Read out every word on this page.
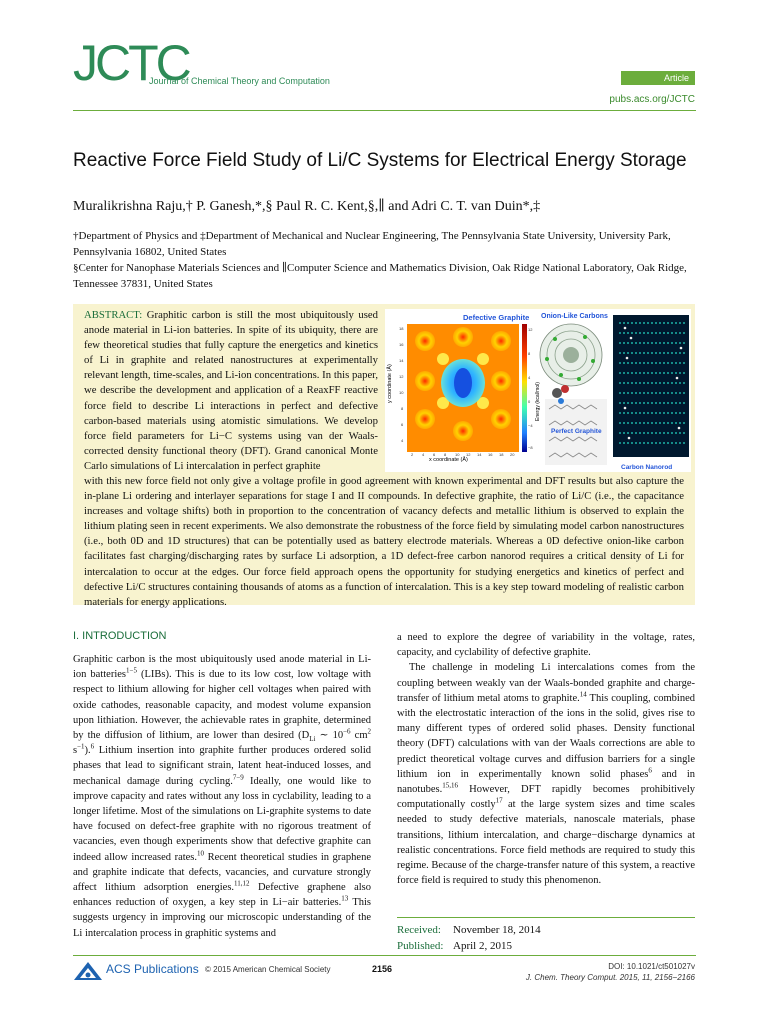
JCTC
Journal of Chemical Theory and Computation	Article
pubs.acs.org/JCTC
Reactive Force Field Study of Li/C Systems for Electrical Energy Storage
Muralikrishna Raju,† P. Ganesh,*,§ Paul R. C. Kent,§,∥ and Adri C. T. van Duin*,‡
†Department of Physics and ‡Department of Mechanical and Nuclear Engineering, The Pennsylvania State University, University Park, Pennsylvania 16802, United States
§Center for Nanophase Materials Sciences and ∥Computer Science and Mathematics Division, Oak Ridge National Laboratory, Oak Ridge, Tennessee 37831, United States
ABSTRACT: Graphitic carbon is still the most ubiquitously used anode material in Li-ion batteries. In spite of its ubiquity, there are few theoretical studies that fully capture the energetics and kinetics of Li in graphite and related nanostructures at experimentally relevant length, time-scales, and Li-ion concentrations. In this paper, we describe the development and application of a ReaxFF reactive force field to describe Li interactions in perfect and defective carbon-based materials using atomistic simulations. We develop force field parameters for Li−C systems using van der Waals-corrected density functional theory (DFT). Grand canonical Monte Carlo simulations of Li intercalation in perfect graphite
with this new force field not only give a voltage profile in good agreement with known experimental and DFT results but also capture the in-plane Li ordering and interlayer separations for stage I and II compounds. In defective graphite, the ratio of Li/C (i.e., the capacitance increases and voltage shifts) both in proportion to the concentration of vacancy defects and metallic lithium is observed to explain the lithium plating seen in recent experiments. We also demonstrate the robustness of the force field by simulating model carbon nanostructures (i.e., both 0D and 1D structures) that can be potentially used as battery electrode materials. Whereas a 0D defective onion-like carbon facilitates fast charging/discharging rates by surface Li adsorption, a 1D defect-free carbon nanorod requires a critical density of Li for intercalation to occur at the edges. Our force field approach opens the opportunity for studying energetics and kinetics of perfect and defective Li/C structures containing thousands of atoms as a function of intercalation. This is a key step toward modeling of realistic carbon materials for energy applications.
Defective Graphite
y coordinate (Å)
x coordinate (Å)
18
16
14
12
10
8
6
4
2 4 6 8 10 12 14 16 18 20
12
8
4
0
−4
−8
Energy (kcal/mol)
Onion-Like Carbons
Perfect Graphite
Carbon Nanorod
I. INTRODUCTION
Graphitic carbon is the most ubiquitously used anode material in Li-ion batteries$^{1-5}$ (LIBs). This is due to its low cost, low voltage with respect to lithium allowing for higher cell voltages when paired with oxide cathodes, reasonable capacity, and modest volume expansion upon lithiation. However, the achievable rates in graphite, determined by the diffusion of lithium, are lower than desired ($D_{Li}$ ∼ $10^{-6}$ $cm^2$ $s^{-1}).^6$ Lithium insertion into graphite further produces ordered solid phases that lead to significant strain, latent heat-induced losses, and mechanical damage during cycling.$^{7-9}$ Ideally, one would like to improve capacity and rates without any loss in cyclability, leading to a longer lifetime. Most of the simulations on Li-graphite systems to date have focused on defect-free graphite with no rigorous treatment of vacancies, even though experiments show that defective graphite can indeed allow increased rates.$^{10}$ Recent theoretical studies in graphene and graphite indicate that defects, vacancies, and curvature strongly affect lithium adsorption energies.$^{11,12}$ Defective graphene also enhances reduction of oxygen, a key step in Li−air batteries.$^{13}$ This suggests urgency in improving our microscopic understanding of the Li intercalation process in graphitic systems and
a need to explore the degree of variability in the voltage, rates, capacity, and cyclability of defective graphite.
The challenge in modeling Li intercalations comes from the coupling between weakly van der Waals-bonded graphite and charge-transfer of lithium metal atoms to graphite.$^{14}$ This coupling, combined with the electrostatic interaction of the ions in the solid, gives rise to many different types of ordered solid phases. Density functional theory (DFT) calculations with van der Waals corrections are able to predict theoretical voltage curves and diffusion barriers for a single lithium ion in experimentally known solid phases$^6$ and in nanotubes.$^{15,16}$ However, DFT rapidly becomes prohibitively computationally costly$^{17}$ at the large system sizes and time scales needed to study defective materials, nanoscale materials, phase transitions, lithium intercalation, and charge−discharge dynamics at realistic concentrations. Force field methods are required to study this regime. Because of the charge-transfer nature of this system, a reactive force field is required to study this phenomenon.
Received: November 18, 2014
Published: April 2, 2015
ACS Publications © 2015 American Chemical Society	2156	DOI: 10.1021/ct501027v
J. Chem. Theory Comput. 2015, 11, 2156−2166
